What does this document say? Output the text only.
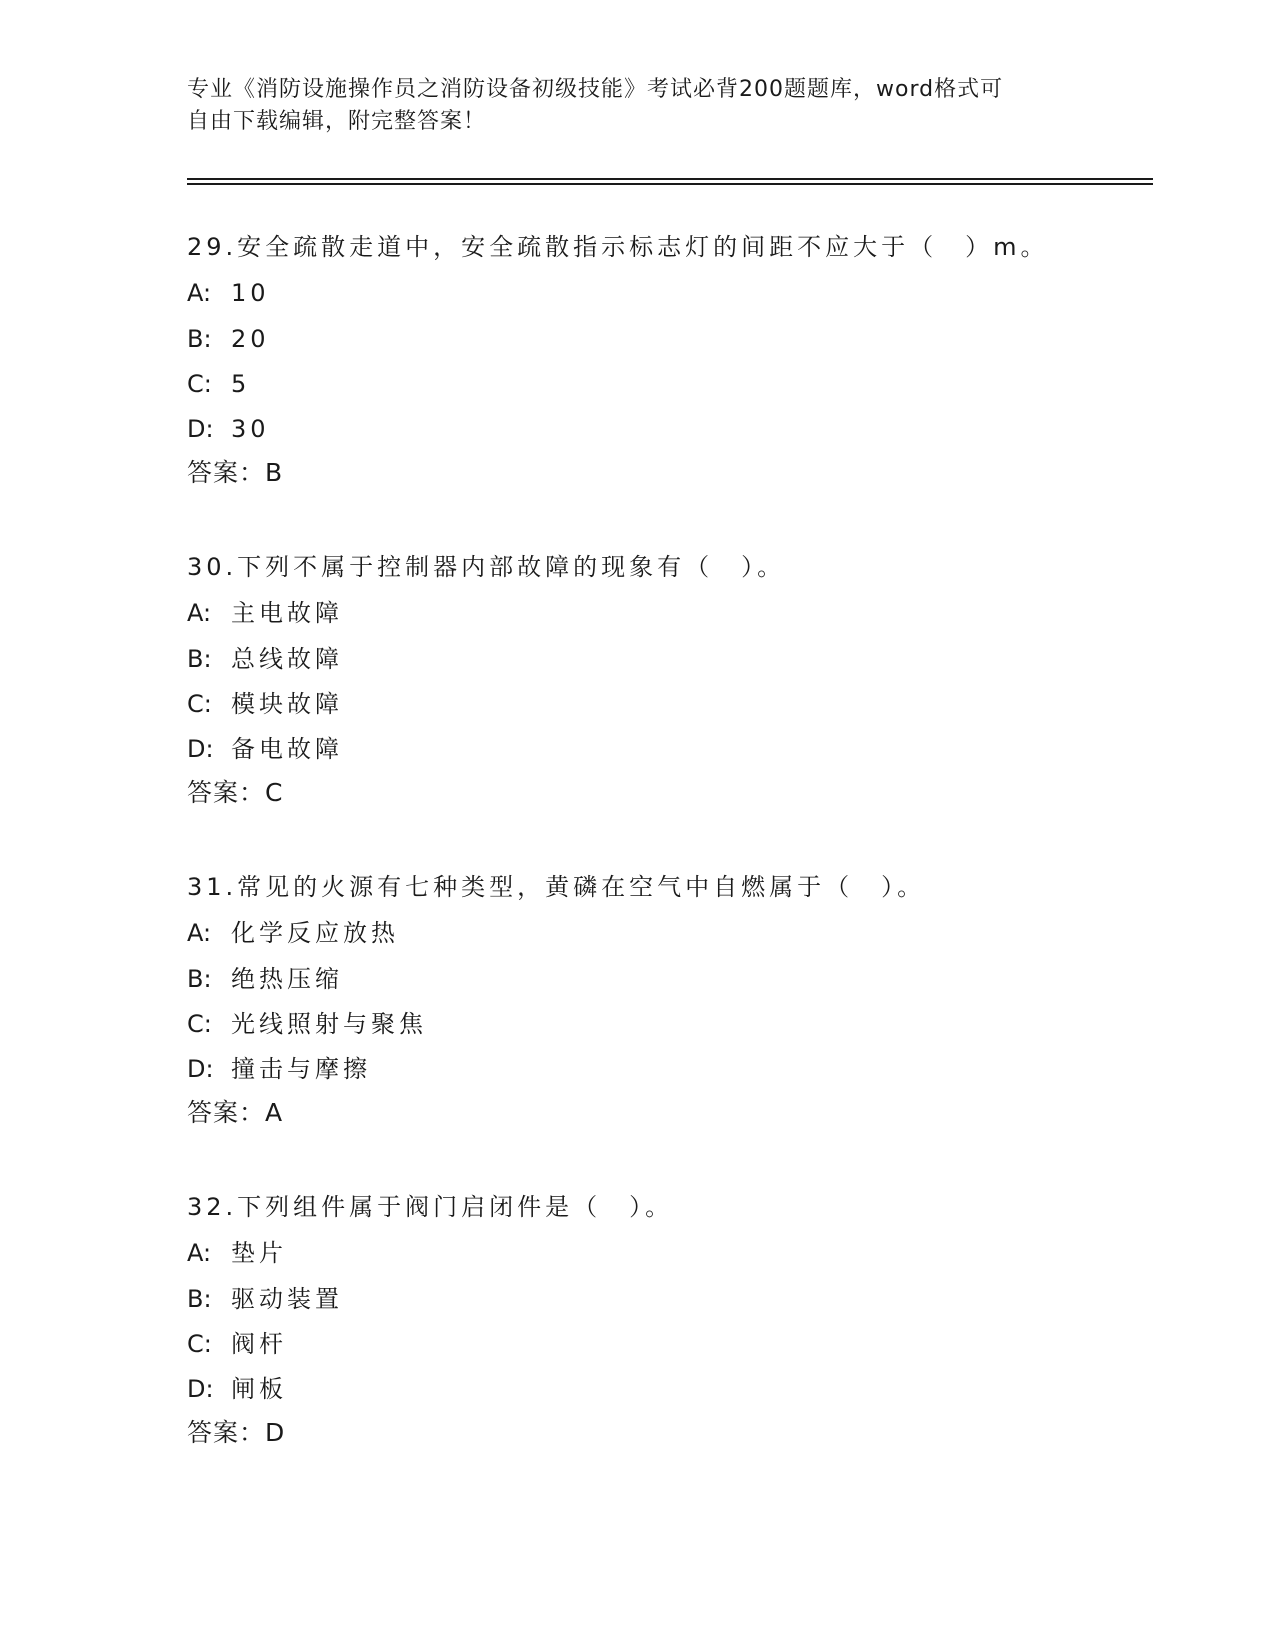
专业《消防设施操作员之消防设备初级技能》考试必背200题题库，word格式可
自由下载编辑，附完整答案！
29.安全疏散走道中，安全疏散指示标志灯的间距不应大于（　）m。
A: 10
B: 20
C: 5
D: 30
答案：B
30.下列不属于控制器内部故障的现象有（　）。
A: 主电故障
B: 总线故障
C: 模块故障
D: 备电故障
答案：C
31.常见的火源有七种类型，黄磷在空气中自燃属于（　）。
A: 化学反应放热
B: 绝热压缩
C: 光线照射与聚焦
D: 撞击与摩擦
答案：A
32.下列组件属于阀门启闭件是（　）。
A: 垫片
B: 驱动装置
C: 阀杆
D: 闸板
答案：D
